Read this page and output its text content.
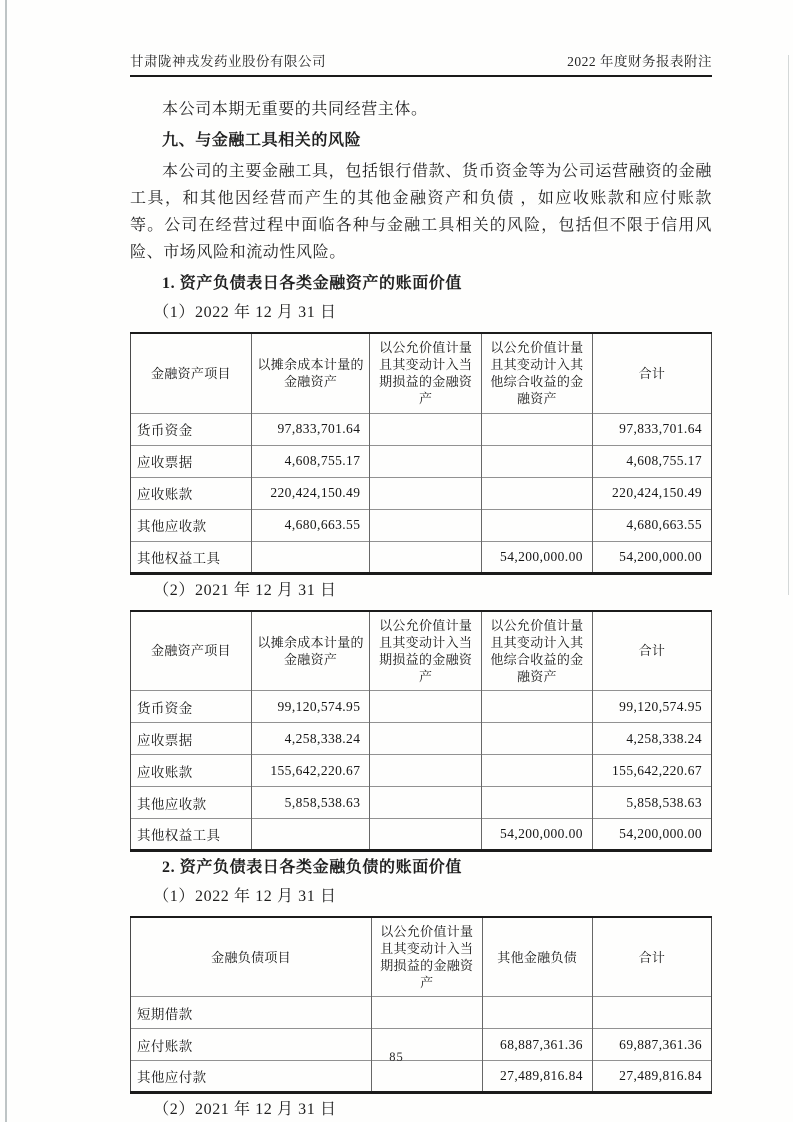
甘肃陇神戎发药业股份有限公司	2022 年度财务报表附注

本公司本期无重要的共同经营主体。

九、与金融工具相关的风险

本公司的主要金融工具，包括银行借款、货币资金等为公司运营融资的金融工具，和其他因经营而产生的其他金融资产和负债 ，如应收账款和应付账款等。公司在经营过程中面临各种与金融工具相关的风险，包括但不限于信用风险、市场风险和流动性风险。

1. 资产负债表日各类金融资产的账面价值

（1）2022 年 12 月 31 日

金融资产项目	以摊余成本计量的金融资产	以公允价值计量且其变动计入当期损益的金融资产	以公允价值计量且其变动计入其他综合收益的金融资产	合计
货币资金	97,833,701.64			97,833,701.64
应收票据	4,608,755.17			4,608,755.17
应收账款	220,424,150.49			220,424,150.49
其他应收款	4,680,663.55			4,680,663.55
其他权益工具			54,200,000.00	54,200,000.00

（2）2021 年 12 月 31 日

金融资产项目	以摊余成本计量的金融资产	以公允价值计量且其变动计入当期损益的金融资产	以公允价值计量且其变动计入其他综合收益的金融资产	合计
货币资金	99,120,574.95			99,120,574.95
应收票据	4,258,338.24			4,258,338.24
应收账款	155,642,220.67			155,642,220.67
其他应收款	5,858,538.63			5,858,538.63
其他权益工具			54,200,000.00	54,200,000.00

2. 资产负债表日各类金融负债的账面价值

（1）2022 年 12 月 31 日

金融负债项目	以公允价值计量且其变动计入当期损益的金融资产	其他金融负债	合计
短期借款			
应付账款		68,887,361.36	69,887,361.36
其他应付款		27,489,816.84	27,489,816.84

（2）2021 年 12 月 31 日

85
